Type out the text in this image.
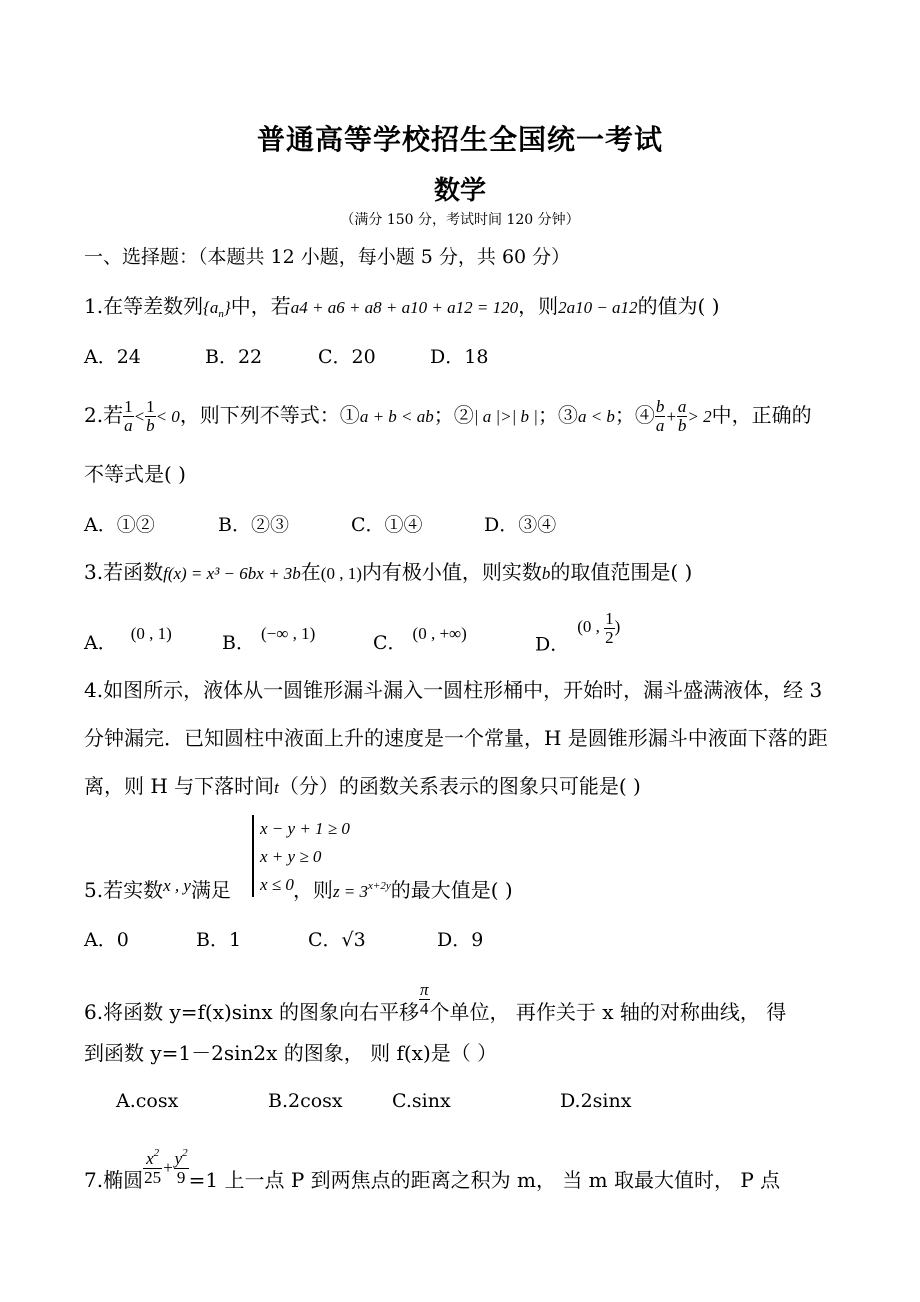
普通高等学校招生全国统一考试
数学
（满分 150 分，考试时间 120 分钟）
一、选择题：（本题共 12 小题，每小题 5 分，共 60 分）
1.在等差数列$\{a_n\}$中，若a4 + a6 + a8 + a10 + a12 = 120，则2a10 − a12的值为( )
A．24	B．22	C．20	D．18
2.若 $\frac{1}{a} < \frac{1}{b} < 0$，则下列不等式：①a + b < ab；②| a |>| b |；③a < b；④ $\frac{b}{a} + \frac{a}{b} > 2$中，正确的
不等式是( )
A．①②	B．②③	C．①④	D．③④
3.若函数f(x) = x³ − 6bx + 3b在(0 , 1)内有极小值，则实数b的取值范围是( )
A． (0 , 1)	B． (−∞ , 1)	C． (0 , +∞)	D．(0 , $\frac{1}{2}$ )
4.如图所示，液体从一圆锥形漏斗漏入一圆柱形桶中，开始时，漏斗盛满液体，经 3
分钟漏完．已知圆柱中液面上升的速度是一个常量，H 是圆锥形漏斗中液面下落的距
离，则 H 与下落时间t（分）的函数关系表示的图象只可能是( )
x − y + 1 ≥ 0
x + y ≥ 0
x ≤ 0
5.若实数$^{x , y}$满足	，则$z = 3^{x+2y}$的最大值是( )
A．0	B．1	C．√3	D．9
6.将函数 y=f(x)sinx 的图象向右平移 $\frac{\pi}{4}$ 个单位， 再作关于 x 轴的对称曲线， 得
到函数 y=1－2sin2x 的图象， 则 f(x)是（ ）
A.cosx	B.2cosx	C.sinx	D.2sinx
7.椭圆 $\frac{x^2}{25} ^+ \frac{y^2}{9} =1$ 上一点 P 到两焦点的距离之积为 m， 当 m 取最大值时， P 点
